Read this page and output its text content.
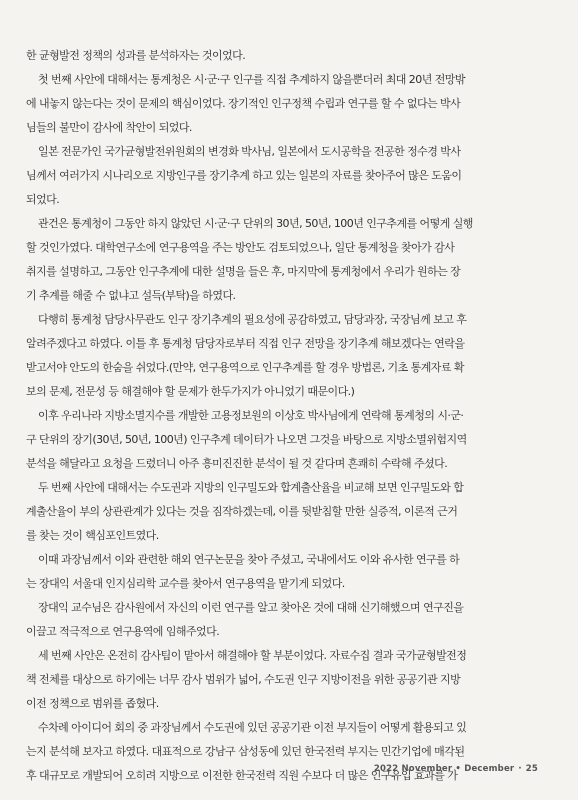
한 균형발전 정책의 성과를 분석하자는 것이었다.

첫 번째 사안에 대해서는 통계청은 시·군·구 인구를 직접 추계하지 않을뿐더러 최대 20년 전망밖
에 내놓지 않는다는 것이 문제의 핵심이었다. 장기적인 인구정책 수립과 연구를 할 수 없다는 박사
님들의 불만이 감사에 착안이 되었다.

일본 전문가인 국가균형발전위원회의 변경화 박사님, 일본에서 도시공학을 전공한 정수경 박사
님께서 여러가지 시나리오로 지방인구를 장기추계 하고 있는 일본의 자료를 찾아주어 많은 도움이
되었다.

관건은 통계청이 그동안 하지 않았던 시·군·구 단위의 30년, 50년, 100년 인구추계를 어떻게 실행
할 것인가였다. 대학연구소에 연구용역을 주는 방안도 검토되었으나, 일단 통계청을 찾아가 감사
취지를 설명하고, 그동안 인구추계에 대한 설명을 들은 후, 마지막에 통계청에서 우리가 원하는 장
기 추계를 해줄 수 없냐고 설득(부탁)을 하였다.

다행히 통계청 담당사무관도 인구 장기추계의 필요성에 공감하였고, 담당과장, 국장님께 보고 후
알려주겠다고 하였다. 이틀 후 통계청 담당자로부터 직접 인구 전망을 장기추계 해보겠다는 연락을
받고서야 안도의 한숨을 쉬었다.(만약, 연구용역으로 인구추계를 할 경우 방법론, 기초 통계자료 확
보의 문제, 전문성 등 해결해야 할 문제가 한두가지가 아니었기 때문이다.)

이후 우리나라 지방소멸지수를 개발한 고용정보원의 이상호 박사님에게 연락해 통계청의 시·군·
구 단위의 장기(30년, 50년, 100년) 인구추계 데이터가 나오면 그것을 바탕으로 지방소멸위험지역
분석을 해달라고 요청을 드렸더니 아주 흥미진진한 분석이 될 것 같다며 흔쾌히 수락해 주셨다.

두 번째 사안에 대해서는 수도권과 지방의 인구밀도와 합계출산율을 비교해 보면 인구밀도와 합
계출산율이 부의 상관관계가 있다는 것을 짐작하겠는데, 이를 뒷받침할 만한 실증적, 이론적 근거
를 찾는 것이 핵심포인트였다.

이때 과장님께서 이와 관련한 해외 연구논문을 찾아 주셨고, 국내에서도 이와 유사한 연구를 하
는 장대익 서울대 인지심리학 교수를 찾아서 연구용역을 맡기게 되었다.

장대익 교수님은 감사원에서 자신의 이런 연구를 알고 찾아온 것에 대해 신기해했으며 연구진을
이끌고 적극적으로 연구용역에 임해주었다.

세 번째 사안은 온전히 감사팀이 맡아서 해결해야 할 부분이었다. 자료수집 결과 국가균형발전정
책 전체를 대상으로 하기에는 너무 감사 범위가 넓어, 수도권 인구 지방이전을 위한 공공기관 지방
이전 정책으로 범위를 좁혔다.

수차례 아이디어 회의 중 과장님께서 수도권에 있던 공공기관 이전 부지들이 어떻게 활용되고 있
는지 분석해 보자고 하였다. 대표적으로 강남구 삼성동에 있던 한국전력 부지는 민간기업에 매각된
후 대규모로 개발되어 오히려 지방으로 이전한 한국전력 직원 수보다 더 많은 인구유입 효과를 가

2022 November • December · 25
